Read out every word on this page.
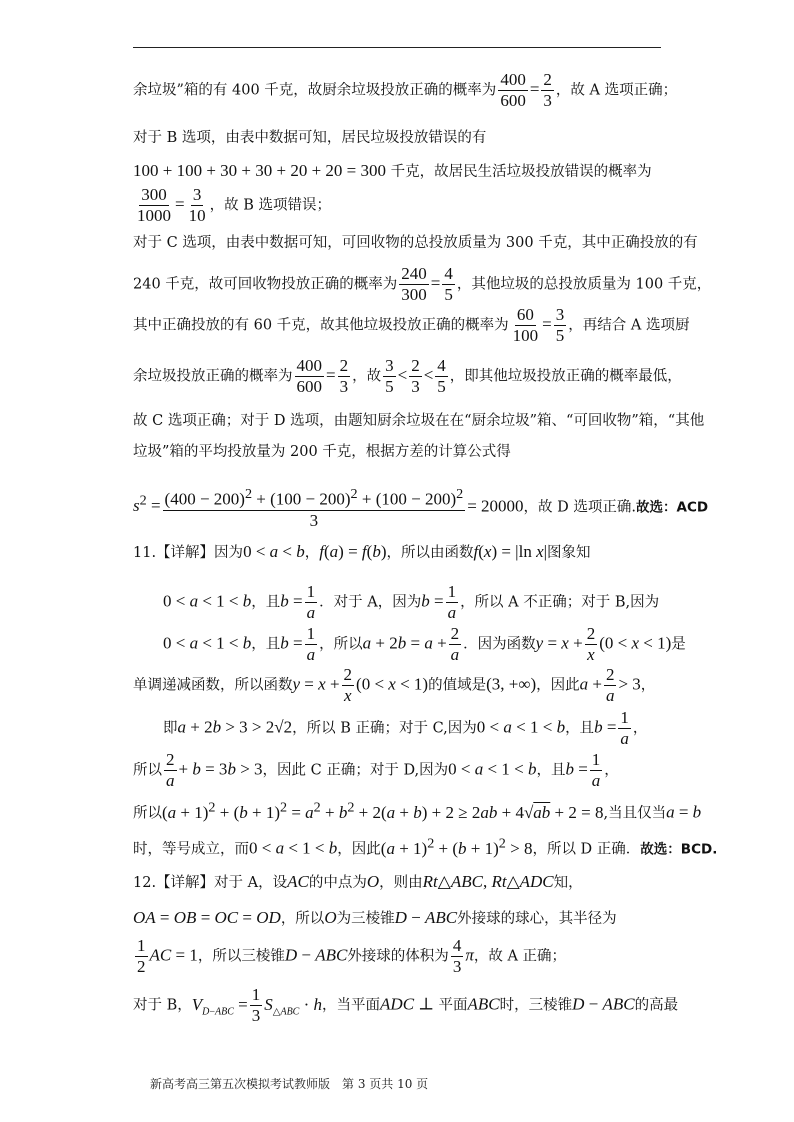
余垃圾”箱的有 400 千克，故厨余垃圾投放正确的概率为 $\frac{400}{600} = \frac{2}{3}$ ，故 A 选项正确；
对于 B 选项，由表中数据可知，居民垃圾投放错误的有
100 + 100 + 30 + 30 + 20 + 20 = 300 千克，故居民生活垃圾投放错误的概率为
$\frac{300}{1000} = \frac{3}{10}$ ，故 B 选项错误；
对于 C 选项，由表中数据可知，可回收物的总投放质量为 300 千克，其中正确投放的有
240 千克，故可回收物投放正确的概率为 $\frac{240}{300} = \frac{4}{5}$ ，其他垃圾的总投放质量为 100 千克，
其中正确投放的有 60 千克，故其他垃圾投放正确的概率为 $\frac{60}{100} = \frac{3}{5}$ ，再结合 A 选项厨
余垃圾投放正确的概率为 $\frac{400}{600} = \frac{2}{3}$ ，故 $\frac{3}{5} < \frac{2}{3} < \frac{4}{5}$ ，即其他垃圾投放正确的概率最低，
故 C 选项正确；对于 D 选项，由题知厨余垃圾在在“厨余垃圾”箱、“可回收物”箱，“其他
垃圾”箱的平均投放量为 200 千克，根据方差的计算公式得
$s^2 = \frac{(400 - 200)^2 + (100 - 200)^2 + (100 - 200)^2}{3} = 20000$，故 D 选项正确.故选：ACD
11.【详解】因为0 < a < b，f(a) = f(b)，所以由函数f(x) = |ln x|图象知
0 < a < 1 < b，且$b = \frac{1}{a}$ ．对于 A，因为$b = \frac{1}{a}$ ，所以 A 不正确；对于 B,因为
0 < a < 1 < b，且$b = \frac{1}{a}$ ，所以$a + 2b = a + \frac{2}{a}$ ．因为函数$y = x + \frac{2}{x} (0 < x < 1)$是
单调递减函数，所以函数$y = x + \frac{2}{x} (0 < x < 1)$的值域是(3, +∞)，因此$a + \frac{2}{a} > 3$，
即a + 2b > 3 > 2√2，所以 B 正确；对于 C,因为0 < a < 1 < b，且$b = \frac{1}{a}$ ，
所以 $\frac{2}{a} + b = 3b > 3$，因此 C 正确；对于 D,因为0 < a < 1 < b，且$b = \frac{1}{a}$ ，
所以$(a + 1)^2 + (b + 1)^2 = a^2 + b^2 + 2(a + b) + 2 \ge 2ab + 4√ab + 2 = 8$,当且仅当a = b
时，等号成立，而0 < a < 1 < b，因此$(a + 1)^2 + (b + 1)^2 > 8$，所以 D 正确．故选：BCD.
12.【详解】对于 A，设AC的中点为O，则由Rt△ABC, Rt△ADC知，
OA = OB = OC = OD，所以O为三棱锥D − ABC外接球的球心，其半径为
$\frac{1}{2}$ AC = 1，所以三棱锥D − ABC外接球的体积为 $\frac{4}{3}$ π，故 A 正确；
对于 B，$V_{D-ABC} = \frac{1}{3} S_{\triangle ABC} \cdot h$，当平面ADC ⊥ 平面ABC时，三棱锥D − ABC的高最
新高考高三第五次模拟考试教师版　第 3 页共 10 页
